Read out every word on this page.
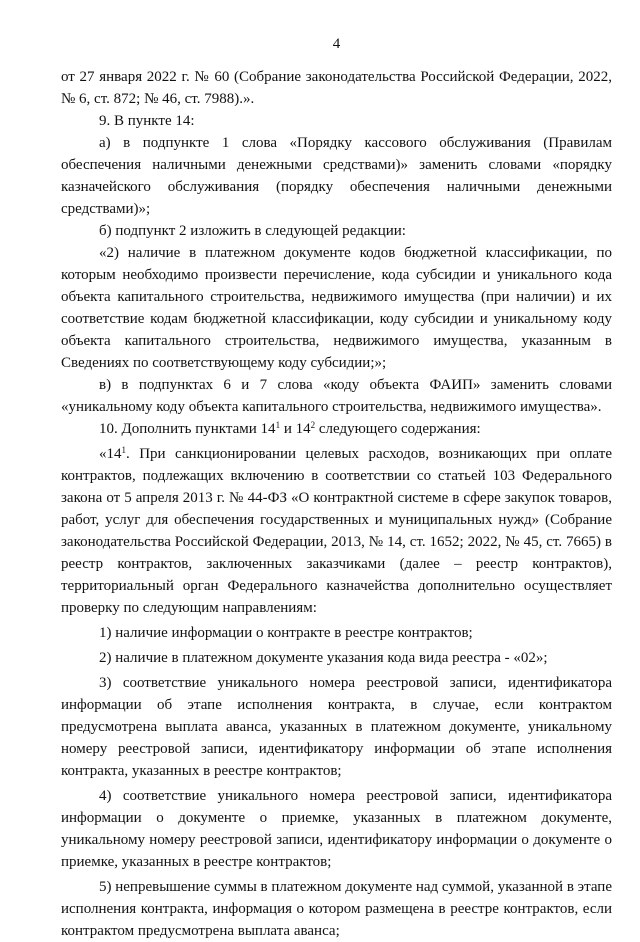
4

от 27 января 2022 г. № 60 (Собрание законодательства Российской Федерации, 2022, № 6, ст. 872; № 46, ст. 7988).».

9. В пункте 14:

а) в подпункте 1 слова «Порядку кассового обслуживания (Правилам обеспечения наличными денежными средствами)» заменить словами «порядку казначейского обслуживания (порядку обеспечения наличными денежными средствами)»;

б) подпункт 2 изложить в следующей редакции:

«2) наличие в платежном документе кодов бюджетной классификации, по которым необходимо произвести перечисление, кода субсидии и уникального кода объекта капитального строительства, недвижимого имущества (при наличии) и их соответствие кодам бюджетной классификации, коду субсидии и уникальному коду объекта капитального строительства, недвижимого имущества, указанным в Сведениях по соответствующему коду субсидии;»;

в) в подпунктах 6 и 7 слова «коду объекта ФАИП» заменить словами «уникальному коду объекта капитального строительства, недвижимого имущества».

10. Дополнить пунктами $14^1$ и $14^2$ следующего содержания:

«$14^1$. При санкционировании целевых расходов, возникающих при оплате контрактов, подлежащих включению в соответствии со статьей 103 Федерального закона от 5 апреля 2013 г. № 44-ФЗ «О контрактной системе в сфере закупок товаров, работ, услуг для обеспечения государственных и муниципальных нужд» (Собрание законодательства Российской Федерации, 2013, № 14, ст. 1652; 2022, № 45, ст. 7665) в реестр контрактов, заключенных заказчиками (далее – реестр контрактов), территориальный орган Федерального казначейства дополнительно осуществляет проверку по следующим направлениям:

1) наличие информации о контракте в реестре контрактов;

2) наличие в платежном документе указания кода вида реестра - «02»;

3) соответствие уникального номера реестровой записи, идентификатора информации об этапе исполнения контракта, в случае, если контрактом предусмотрена выплата аванса, указанных в платежном документе, уникальному номеру реестровой записи, идентификатору информации об этапе исполнения контракта, указанных в реестре контрактов;

4) соответствие уникального номера реестровой записи, идентификатора информации о документе о приемке, указанных в платежном документе, уникальному номеру реестровой записи, идентификатору информации о документе о приемке, указанных в реестре контрактов;

5) непревышение суммы в платежном документе над суммой, указанной в этапе исполнения контракта, информация о котором размещена в реестре контрактов, если контрактом предусмотрена выплата аванса;
